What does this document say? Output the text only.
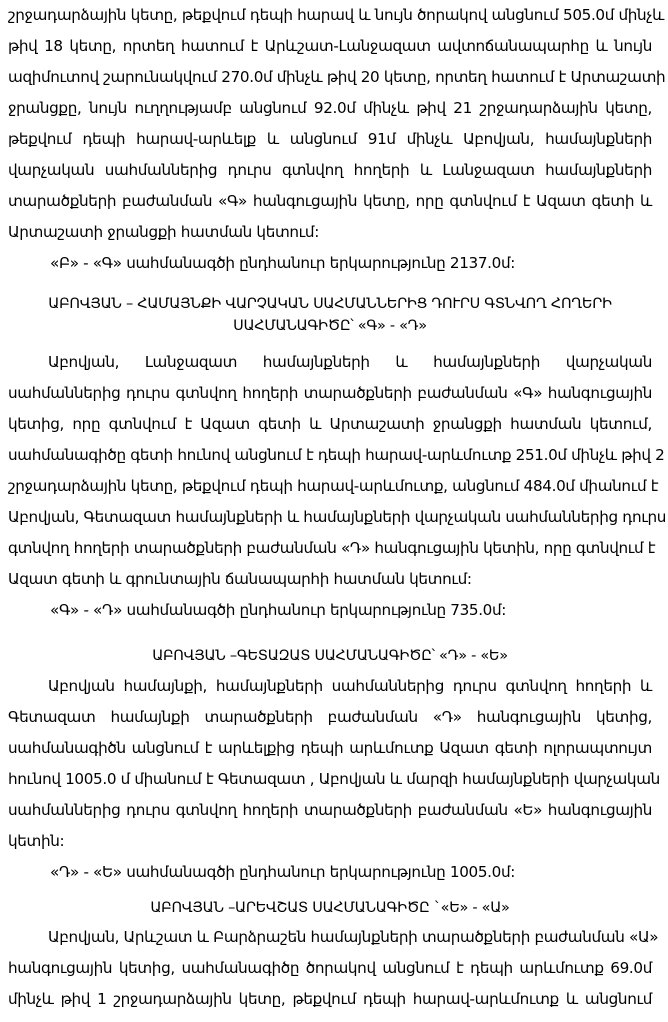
շրջադարձային կետը, թեքվում դեպի հարավ և նույն ծորակով անցնում 505.0մ մինչև
թիվ 18 կետը, որտեղ հատում է Արևշատ-Լանջազատ ավտոճանապարհը և նույն
ազիմուտով շարունակվում 270.0մ մինչև թիվ 20 կետը, որտեղ հատում է Արտաշատի
ջրանցքը, նույն ուղղությամբ անցնում 92.0մ մինչև թիվ 21 շրջադարձային կետը,
թեքվում դեպի հարավ-արևելք և անցնում 91մ մինչև Աբովյան, համայնքների
վարչական սահմաններից դուրս գտնվող հողերի և Լանջազատ համայնքների
տարածքների բաժանման «Գ» հանգուցային կետը, որը գտնվում է Ազատ գետի և
Արտաշատի ջրանցքի հատման կետում:
«Բ» - «Գ» սահմանագծի ընդհանուր երկարությունը 2137.0մ:
ԱԲՈՎՅԱՆ – ՀԱՄԱՅՆՔԻ ՎԱՐՉԱԿԱՆ ՍԱՀՄԱՆՆԵՐԻՑ ԴՈՒՐՍ ԳՏՆՎՈՂ ՀՈՂԵՐԻ
ՍԱՀՄԱՆԱԳԻԾԸ՝ «Գ» - «Դ»
Աբովյան, Լանջազատ համայնքների և համայնքների վարչական
սահմաններից դուրս գտնվող հողերի տարածքների բաժանման «Գ» հանգուցային
կետից, որը գտնվում է Ազատ գետի և Արտաշատի ջրանցքի հատման կետում,
սահմանագիծը գետի հունով անցնում է դեպի հարավ-արևմուտք 251.0մ մինչև թիվ 2
շրջադարձային կետը, թեքվում դեպի հարավ-արևմուտք, անցնում 484.0մ միանում է
Աբովյան, Գետազատ համայնքների և համայնքների վարչական սահմաններից դուրս
գտնվող հողերի տարածքների բաժանման «Դ» հանգուցային կետին, որը գտնվում է
Ազատ գետի և գրունտային ճանապարհի հատման կետում:
«Գ» - «Դ» սահմանագծի ընդհանուր երկարությունը 735.0մ:
ԱԲՈՎՅԱՆ –ԳԵՏԱԶԱՏ ՍԱՀՄԱՆԱԳԻԾԸ՝ «Դ» - «Ե»
Աբովյան համայնքի, համայնքների սահմաններից դուրս գտնվող հողերի և
Գետազատ համայնքի տարածքների բաժանման «Դ» հանգուցային կետից,
սահմանագիծն անցնում է արևելքից դեպի արևմուտք Ազատ գետի ոլորապտույտ
հունով 1005.0 մ միանում է Գետազատ , Աբովյան և մարզի համայնքների վարչական
սահմաններից դուրս գտնվող հողերի տարածքների բաժանման «Ե» հանգուցային
կետին:
«Դ» - «Ե» սահմանագծի ընդհանուր երկարությունը 1005.0մ:
ԱԲՈՎՅԱՆ –ԱՐԵՎՇԱՏ ՍԱՀՄԱՆԱԳԻԾԸ `«Ե» - «Ա»
Աբովյան, Արևշատ և Բարձրաշեն համայնքների տարածքների բաժանման «Ա»
հանգուցային կետից, սահմանագիծը ծորակով անցնում է դեպի արևմուտք 69.0մ
մինչև թիվ 1 շրջադարձային կետը, թեքվում դեպի հարավ-արևմուտք և անցնում
